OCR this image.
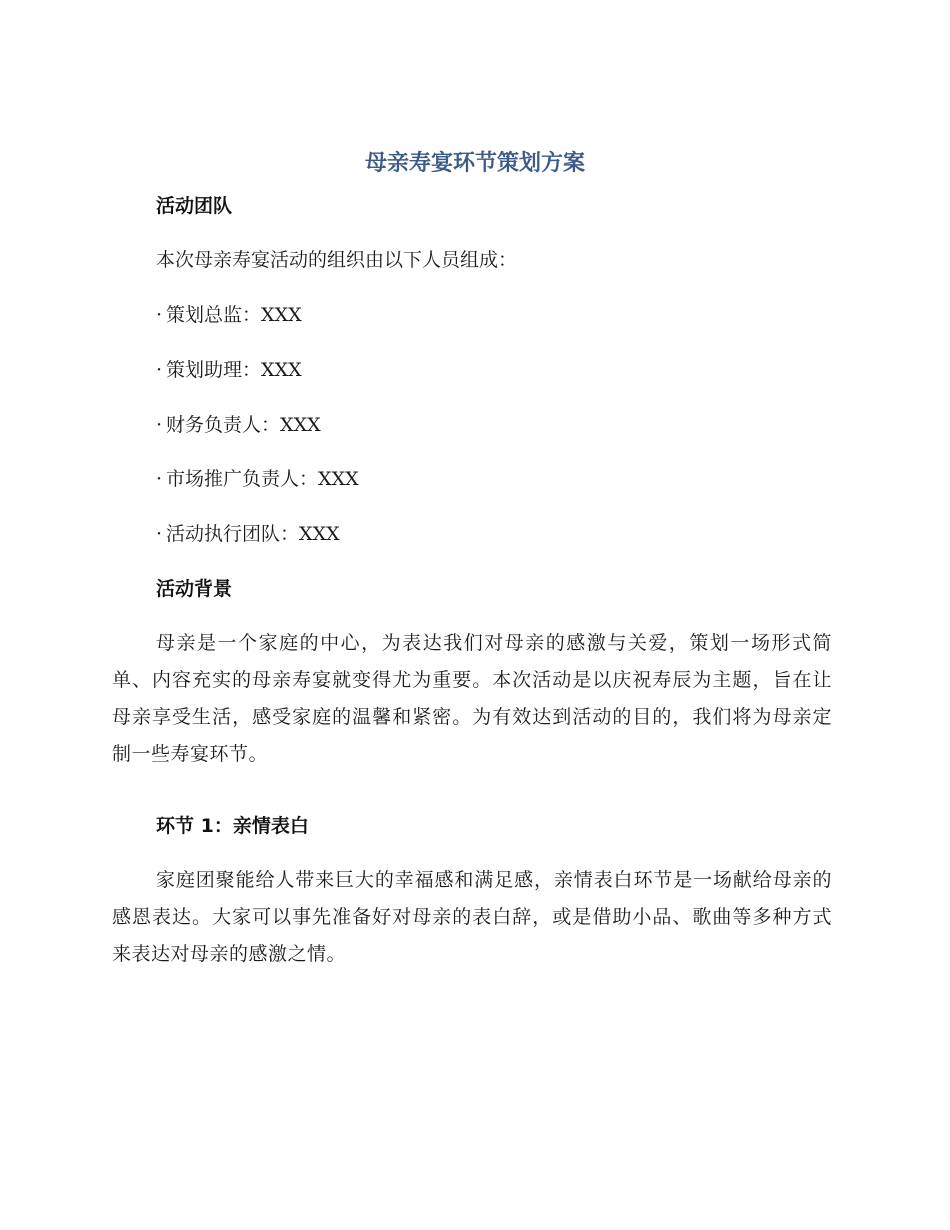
母亲寿宴环节策划方案
活动团队

本次母亲寿宴活动的组织由以下人员组成：

· 策划总监：XXX

· 策划助理：XXX

· 财务负责人：XXX

· 市场推广负责人：XXX

· 活动执行团队：XXX

活动背景

母亲是一个家庭的中心，为表达我们对母亲的感激与关爱，策划一场形式简单、内容充实的母亲寿宴就变得尤为重要。本次活动是以庆祝寿辰为主题，旨在让母亲享受生活，感受家庭的温馨和紧密。为有效达到活动的目的，我们将为母亲定制一些寿宴环节。

环节 1：亲情表白

家庭团聚能给人带来巨大的幸福感和满足感，亲情表白环节是一场献给母亲的感恩表达。大家可以事先准备好对母亲的表白辞，或是借助小品、歌曲等多种方式来表达对母亲的感激之情。
